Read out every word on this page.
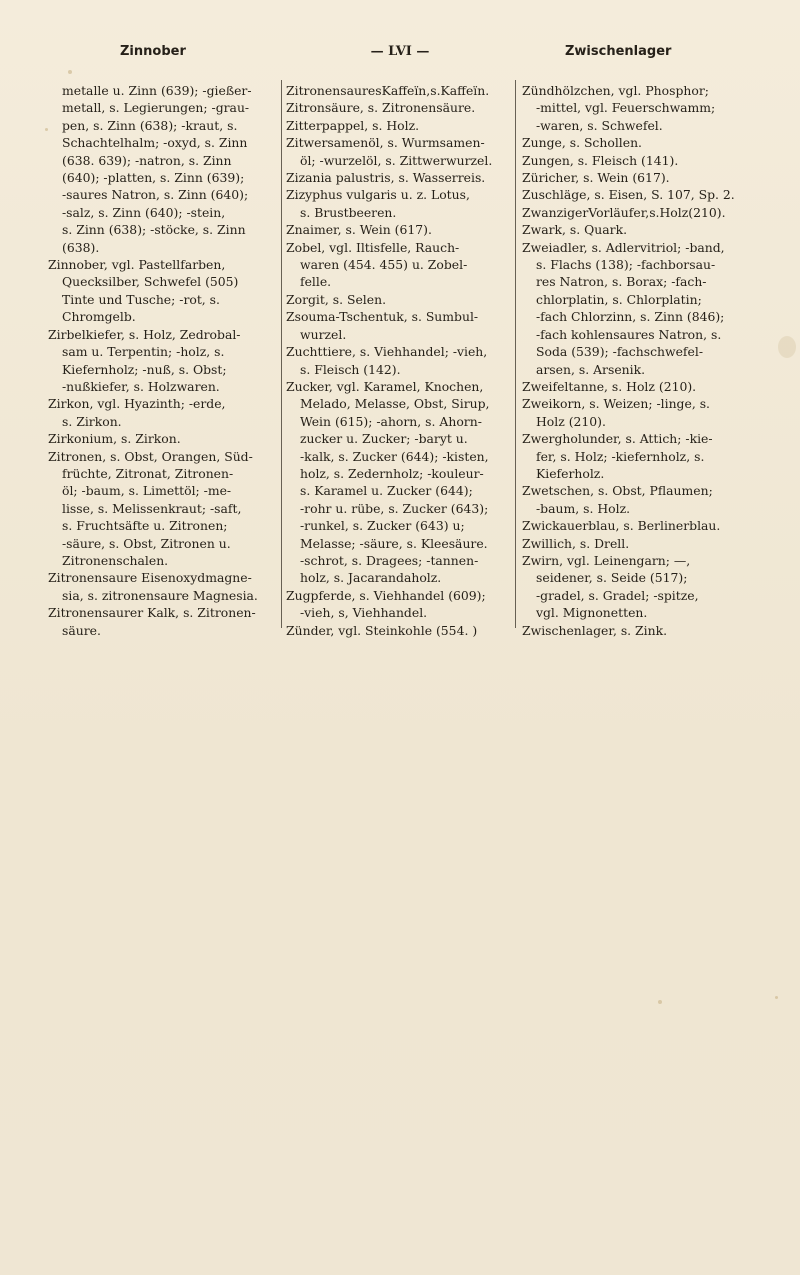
Zinnober	— LVI —	Zwischenlager

metalle u. Zinn (639); -gießer-

metall, s. Legierungen; -grau-

pen, s. Zinn (638); -kraut, s.

Schachtelhalm; -oxyd, s. Zinn

(638. 639); -natron, s. Zinn

(640); -platten, s. Zinn (639);

-saures Natron, s. Zinn (640);

-salz, s. Zinn (640); -stein,

s. Zinn (638); -stöcke, s. Zinn

(638).

Zinnober, vgl. Pastellfarben,

Quecksilber, Schwefel (505)

Tinte und Tusche; -rot, s.

Chromgelb.

Zirbelkiefer, s. Holz, Zedrobal-

sam u. Terpentin; -holz, s.

Kiefernholz; -nuß, s. Obst;

-nußkiefer, s. Holzwaren.

Zirkon, vgl. Hyazinth; -erde,

s. Zirkon.

Zirkonium, s. Zirkon.

Zitronen, s. Obst, Orangen, Süd-

früchte, Zitronat, Zitronen-

öl; -baum, s. Limettöl; -me-

lisse, s. Melissenkraut; -saft,

s. Fruchtsäfte u. Zitronen;

-säure, s. Obst, Zitronen u.

Zitronenschalen.

Zitronensaure Eisenoxydmagne-

sia, s. zitronensaure Magnesia.

Zitronensaurer Kalk, s. Zitronen-

säure.

ZitronensauresKaffeïn,s.Kaffeïn.

Zitronsäure, s. Zitronensäure.

Zitterpappel, s. Holz.

Zitwersamenöl, s. Wurmsamen-

öl; -wurzelöl, s. Zittwerwurzel.

Zizania palustris, s. Wasserreis.

Zizyphus vulgaris u. z. Lotus,

s. Brustbeeren.

Znaimer, s. Wein (617).

Zobel, vgl. Iltisfelle, Rauch-

waren (454. 455) u. Zobel-

felle.

Zorgit, s. Selen.

Zsouma-Tschentuk, s. Sumbul-

wurzel.

Zuchttiere, s. Viehhandel; -vieh,

s. Fleisch (142).

Zucker, vgl. Karamel, Knochen,

Melado, Melasse, Obst, Sirup,

Wein (615); -ahorn, s. Ahorn-

zucker u. Zucker; -baryt u.

-kalk, s. Zucker (644); -kisten,

holz, s. Zedernholz; -kouleur-

s. Karamel u. Zucker (644);

-rohr u. rübe, s. Zucker (643);

-runkel, s. Zucker (643) u;

Melasse; -säure, s. Kleesäure.

-schrot, s. Dragees; -tannen-

holz, s. Jacarandaholz.

Zugpferde, s. Viehhandel (609);

-vieh, s, Viehhandel.

Zünder, vgl. Steinkohle (554. )

Zündhölzchen, vgl. Phosphor;

-mittel, vgl. Feuerschwamm;

-waren, s. Schwefel.

Zunge, s. Schollen.

Zungen, s. Fleisch (141).

Züricher, s. Wein (617).

Zuschläge, s. Eisen, S. 107, Sp. 2.

ZwanzigerVorläufer,s.Holz(210).

Zwark, s. Quark.

Zweiadler, s. Adlervitriol; -band,

s. Flachs (138); -fachborsau-

res Natron, s. Borax; -fach-

chlorplatin, s. Chlorplatin;

-fach Chlorzinn, s. Zinn (846);

-fach kohlensaures Natron, s.

Soda (539); -fachschwefel-

arsen, s. Arsenik.

Zweifeltanne, s. Holz (210).

Zweikorn, s. Weizen; -linge, s.

Holz (210).

Zwergholunder, s. Attich; -kie-

fer, s. Holz; -kiefernholz, s.

Kieferholz.

Zwetschen, s. Obst, Pflaumen;

-baum, s. Holz.

Zwickauerblau, s. Berlinerblau.

Zwillich, s. Drell.

Zwirn, vgl. Leinengarn; —,

seidener, s. Seide (517);

-gradel, s. Gradel; -spitze,

vgl. Mignonetten.

Zwischenlager, s. Zink.
